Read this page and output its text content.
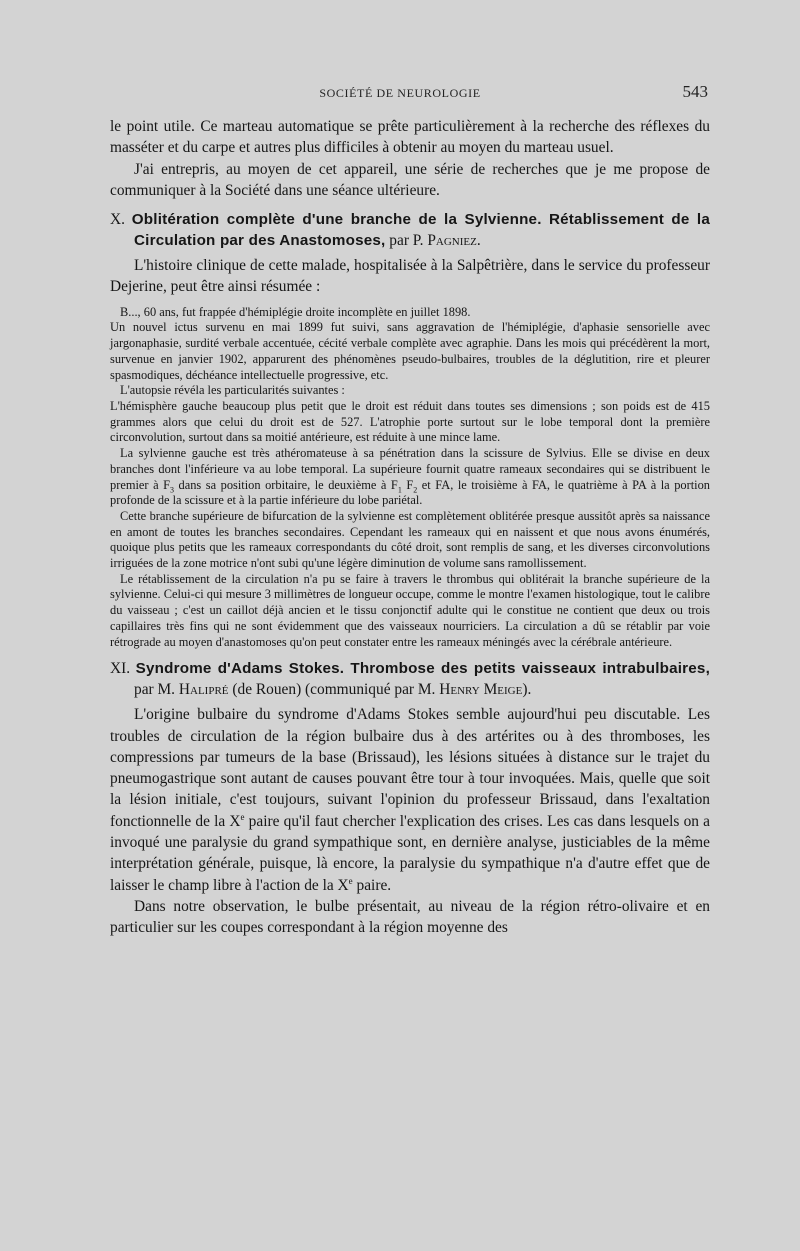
SOCIÉTÉ DE NEUROLOGIE	543

le point utile. Ce marteau automatique se prête particulièrement à la recherche des réflexes du masséter et du carpe et autres plus difficiles à obtenir au moyen du marteau usuel.

J'ai entrepris, au moyen de cet appareil, une série de recherches que je me propose de communiquer à la Société dans une séance ultérieure.

X. Oblitération complète d'une branche de la Sylvienne. Rétablissement de la Circulation par des Anastomoses, par P. Pagniez.

L'histoire clinique de cette malade, hospitalisée à la Salpêtrière, dans le service du professeur Dejerine, peut être ainsi résumée :

B..., 60 ans, fut frappée d'hémiplégie droite incomplète en juillet 1898.

Un nouvel ictus survenu en mai 1899 fut suivi, sans aggravation de l'hémiplégie, d'aphasie sensorielle avec jargonaphasie, surdité verbale accentuée, cécité verbale complète avec agraphie. Dans les mois qui précédèrent la mort, survenue en janvier 1902, apparurent des phénomènes pseudo-bulbaires, troubles de la déglutition, rire et pleurer spasmodiques, déchéance intellectuelle progressive, etc.

L'autopsie révéla les particularités suivantes :

L'hémisphère gauche beaucoup plus petit que le droit est réduit dans toutes ses dimensions ; son poids est de 415 grammes alors que celui du droit est de 527. L'atrophie porte surtout sur le lobe temporal dont la première circonvolution, surtout dans sa moitié antérieure, est réduite à une mince lame.

La sylvienne gauche est très athéromateuse à sa pénétration dans la scissure de Sylvius. Elle se divise en deux branches dont l'inférieure va au lobe temporal. La supérieure fournit quatre rameaux secondaires qui se distribuent le premier à $F_3$ dans sa position orbitaire, le deuxième à $F_1$ $F_2$ et FA, le troisième à FA, le quatrième à PA à la portion profonde de la scissure et à la partie inférieure du lobe pariétal.

Cette branche supérieure de bifurcation de la sylvienne est complètement oblitérée presque aussitôt après sa naissance en amont de toutes les branches secondaires. Cependant les rameaux qui en naissent et que nous avons énumérés, quoique plus petits que les rameaux correspondants du côté droit, sont remplis de sang, et les diverses circonvolutions irriguées de la zone motrice n'ont subi qu'une légère diminution de volume sans ramollissement.

Le rétablissement de la circulation n'a pu se faire à travers le thrombus qui oblitérait la branche supérieure de la sylvienne. Celui-ci qui mesure 3 millimètres de longueur occupe, comme le montre l'examen histologique, tout le calibre du vaisseau ; c'est un caillot déjà ancien et le tissu conjonctif adulte qui le constitue ne contient que deux ou trois capillaires très fins qui ne sont évidemment que des vaisseaux nourriciers. La circulation a dû se rétablir par voie rétrograde au moyen d'anastomoses qu'on peut constater entre les rameaux méningés avec la cérébrale antérieure.

XI. Syndrome d'Adams Stokes. Thrombose des petits vaisseaux intrabulbaires, par M. Halipré (de Rouen) (communiqué par M. Henry Meige).

L'origine bulbaire du syndrome d'Adams Stokes semble aujourd'hui peu discutable. Les troubles de circulation de la région bulbaire dus à des artérites ou à des thromboses, les compressions par tumeurs de la base (Brissaud), les lésions situées à distance sur le trajet du pneumogastrique sont autant de causes pouvant être tour à tour invoquées. Mais, quelle que soit la lésion initiale, c'est toujours, suivant l'opinion du professeur Brissaud, dans l'exaltation fonctionnelle de la Xe paire qu'il faut chercher l'explication des crises. Les cas dans lesquels on a invoqué une paralysie du grand sympathique sont, en dernière analyse, justiciables de la même interprétation générale, puisque, là encore, la paralysie du sympathique n'a d'autre effet que de laisser le champ libre à l'action de la Xe paire.

Dans notre observation, le bulbe présentait, au niveau de la région rétro-olivaire et en particulier sur les coupes correspondant à la région moyenne des
